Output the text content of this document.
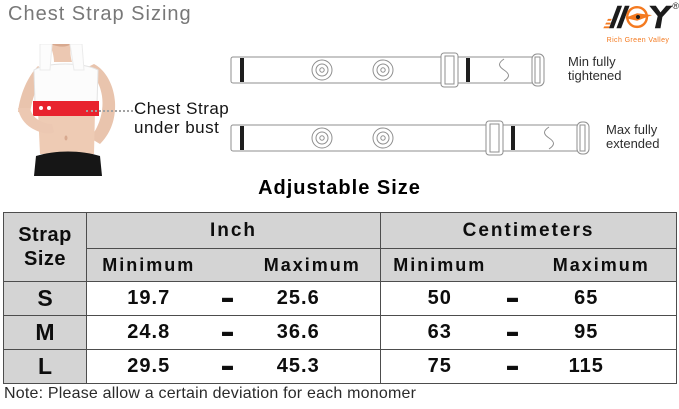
Chest Strap Sizing	®
Rich Green Valley
Chest Strap
under bust
Min fully
tightened
Max fully
extended
Adjustable Size
Strap
Size	Inch			Centimeters		
	Minimum		Maximum	Minimum		Maximum
S	19.7	–	25.6	50	–	65
M	24.8	–	36.6	63	–	95
L	29.5	–	45.3	75	–	115
Note: Please allow a certain deviation for each monomer
